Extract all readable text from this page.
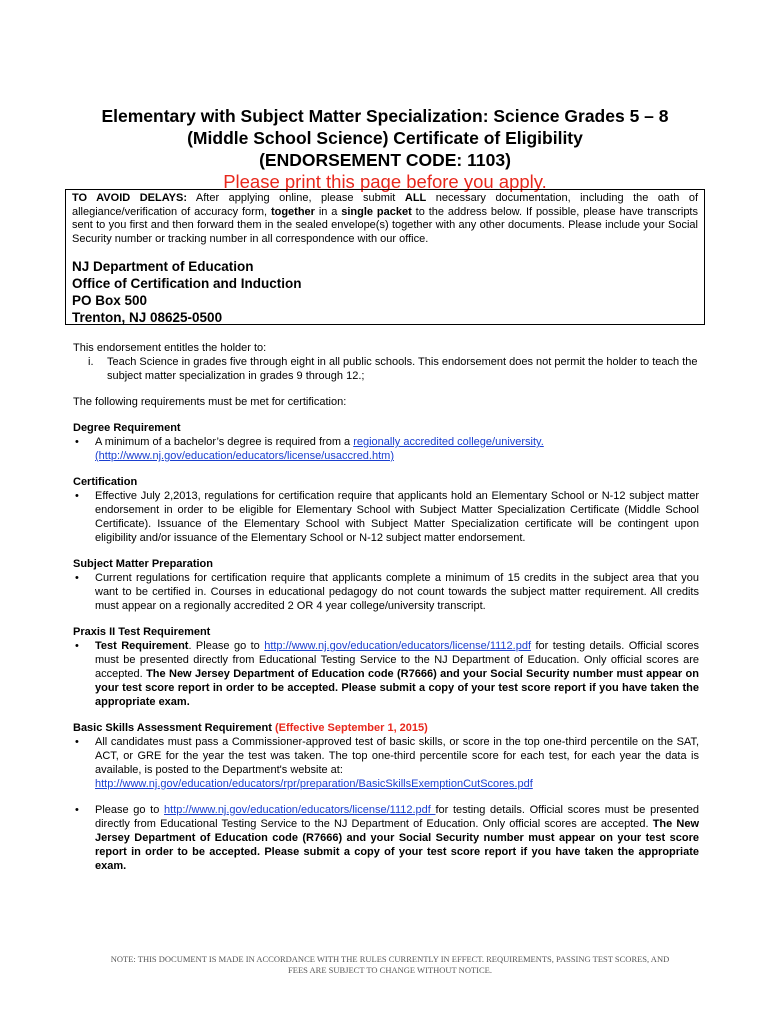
Elementary with Subject Matter Specialization: Science Grades 5 – 8
(Middle School Science) Certificate of Eligibility
(ENDORSEMENT CODE: 1103)
Please print this page before you apply.

TO AVOID DELAYS: After applying online, please submit ALL necessary documentation, including the oath of allegiance/verification of accuracy form, together in a single packet to the address below. If possible, please have transcripts sent to you first and then forward them in the sealed envelope(s) together with any other documents. Please include your Social Security number or tracking number in all correspondence with our office.

NJ Department of Education
Office of Certification and Induction
PO Box 500
Trenton, NJ 08625-0500

This endorsement entitles the holder to:

i. Teach Science in grades five through eight in all public schools. This endorsement does not permit the holder to teach the subject matter specialization in grades 9 through 12.;

The following requirements must be met for certification:

Degree Requirement

• A minimum of a bachelor’s degree is required from a regionally accredited college/university.
(http://www.nj.gov/education/educators/license/usaccred.htm)

Certification

• Effective July 2,2013, regulations for certification require that applicants hold an Elementary School or N-12 subject matter endorsement in order to be eligible for Elementary School with Subject Matter Specialization Certificate (Middle School Certificate). Issuance of the Elementary School with Subject Matter Specialization certificate will be contingent upon eligibility and/or issuance of the Elementary School or N-12 subject matter endorsement.

Subject Matter Preparation

• Current regulations for certification require that applicants complete a minimum of 15 credits in the subject area that you want to be certified in. Courses in educational pedagogy do not count towards the subject matter requirement. All credits must appear on a regionally accredited 2 OR 4 year college/university transcript.

Praxis II Test Requirement

• Test Requirement. Please go to http://www.nj.gov/education/educators/license/1112.pdf for testing details. Official scores must be presented directly from Educational Testing Service to the NJ Department of Education. Only official scores are accepted. The New Jersey Department of Education code (R7666) and your Social Security number must appear on your test score report in order to be accepted. Please submit a copy of your test score report if you have taken the appropriate exam.

Basic Skills Assessment Requirement (Effective September 1, 2015)

• All candidates must pass a Commissioner-approved test of basic skills, or score in the top one-third percentile on the SAT, ACT, or GRE for the year the test was taken. The top one-third percentile score for each test, for each year the data is available, is posted to the Department's website at:
http://www.nj.gov/education/educators/rpr/preparation/BasicSkillsExemptionCutScores.pdf
• Please go to http://www.nj.gov/education/educators/license/1112.pdf for testing details. Official scores must be presented directly from Educational Testing Service to the NJ Department of Education. Only official scores are accepted. The New Jersey Department of Education code (R7666) and your Social Security number must appear on your test score report in order to be accepted. Please submit a copy of your test score report if you have taken the appropriate exam.
NOTE: THIS DOCUMENT IS MADE IN ACCORDANCE WITH THE RULES CURRENTLY IN EFFECT. REQUIREMENTS, PASSING TEST SCORES, AND
FEES ARE SUBJECT TO CHANGE WITHOUT NOTICE.
